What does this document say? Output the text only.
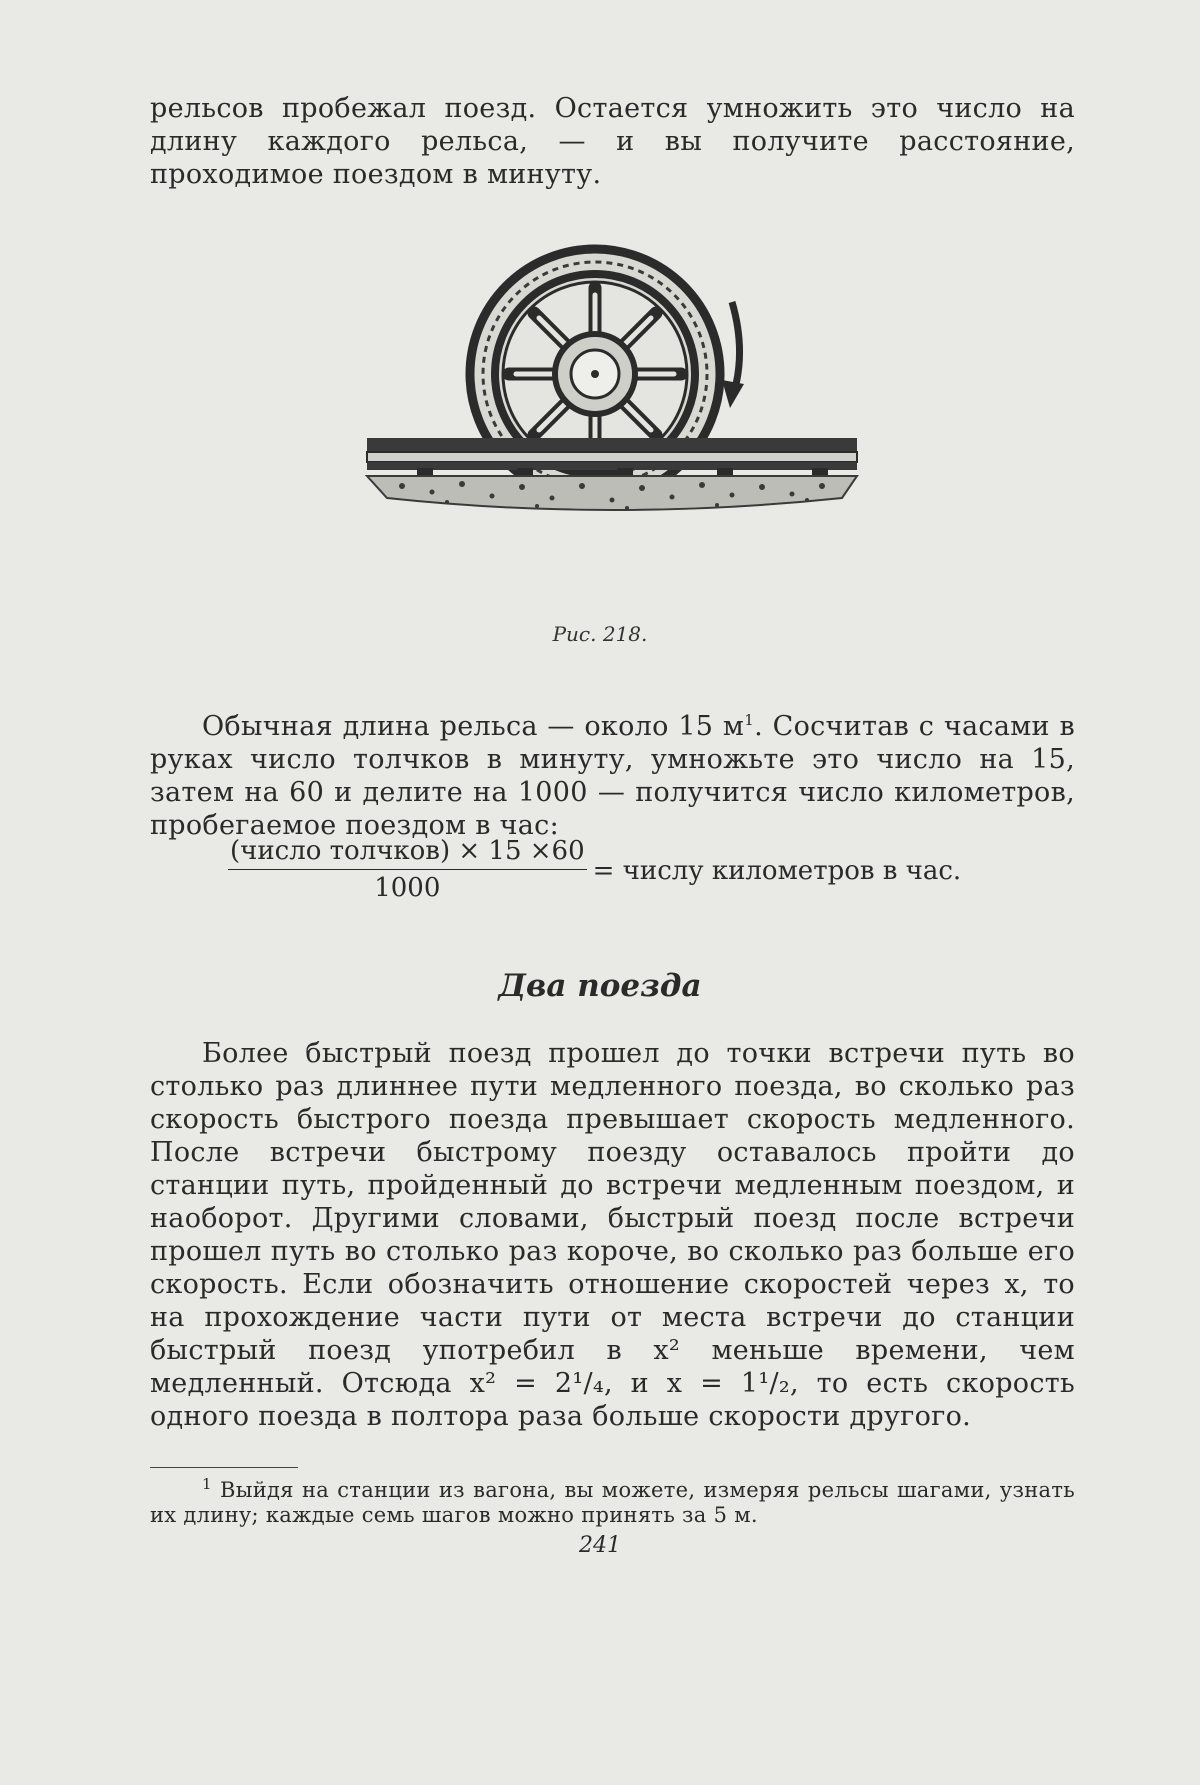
рельсов пробежал поезд. Остается умножить это число на длину каждого рельса, — и вы получите расстояние, проходимое поездом в минуту.

Рис. 218.

Обычная длина рельса — около 15 $м^1$. Сосчитав с часами в руках число толчков в минуту, умножьте это число на 15, затем на 60 и делите на 1000 — получится число километров, пробегаемое поездом в час:

$\frac{\text{(число толчков) × 15 ×60}}{1000}$ = числу километров в час.
Два поезда

Более быстрый поезд прошел до точки встречи путь во столько раз длиннее пути медленного поезда, во сколько раз скорость быстрого поезда превышает скорость медленного. После встречи быстрому поезду оставалось пройти до станции путь, пройденный до встречи медленным поездом, и наоборот. Другими словами, быстрый поезд после встречи прошел путь во столько раз короче, во сколько раз больше его скорость. Если обозначить отношение скоростей через x, то на прохождение части пути от места встречи до станции быстрый поезд употребил в x² меньше времени, чем медленный. Отсюда x² = 2¹/₄, и x = 1¹/₂, то есть скорость одного поезда в полтора раза больше скорости другого.

$^1$ Выйдя на станции из вагона, вы можете, измеряя рельсы шагами, узнать их длину; каждые семь шагов можно принять за 5 м.

241
